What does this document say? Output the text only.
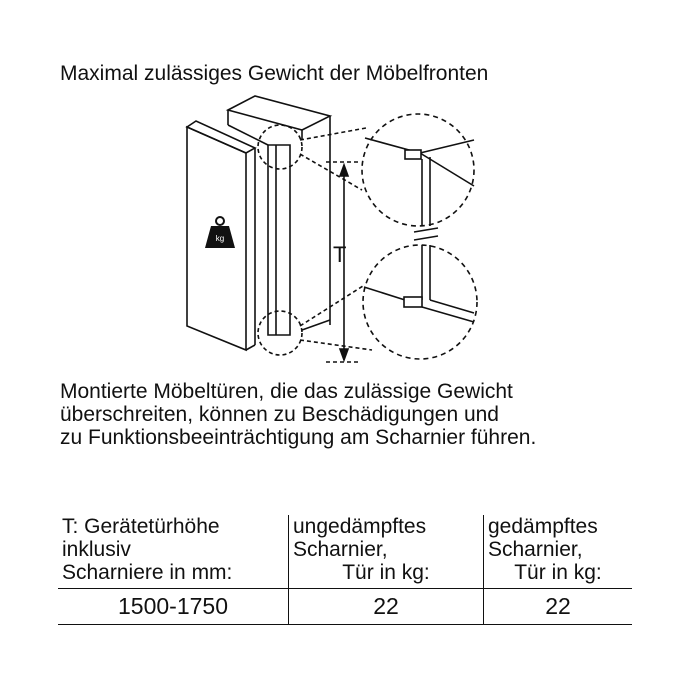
Maximal zulässiges Gewicht der Möbelfronten
kg
T
Montierte Möbeltüren, die das zulässige Gewicht
überschreiten, können zu Beschädigungen und
zu Funktionsbeeinträchtigung am Scharnier führen.
T: Gerätetürhöhe	ungedämpftes	gedämpftes
inklusiv	Scharnier,	Scharnier,
Scharniere in mm:	Tür in kg:	Tür in kg:
1500-1750	22	22
